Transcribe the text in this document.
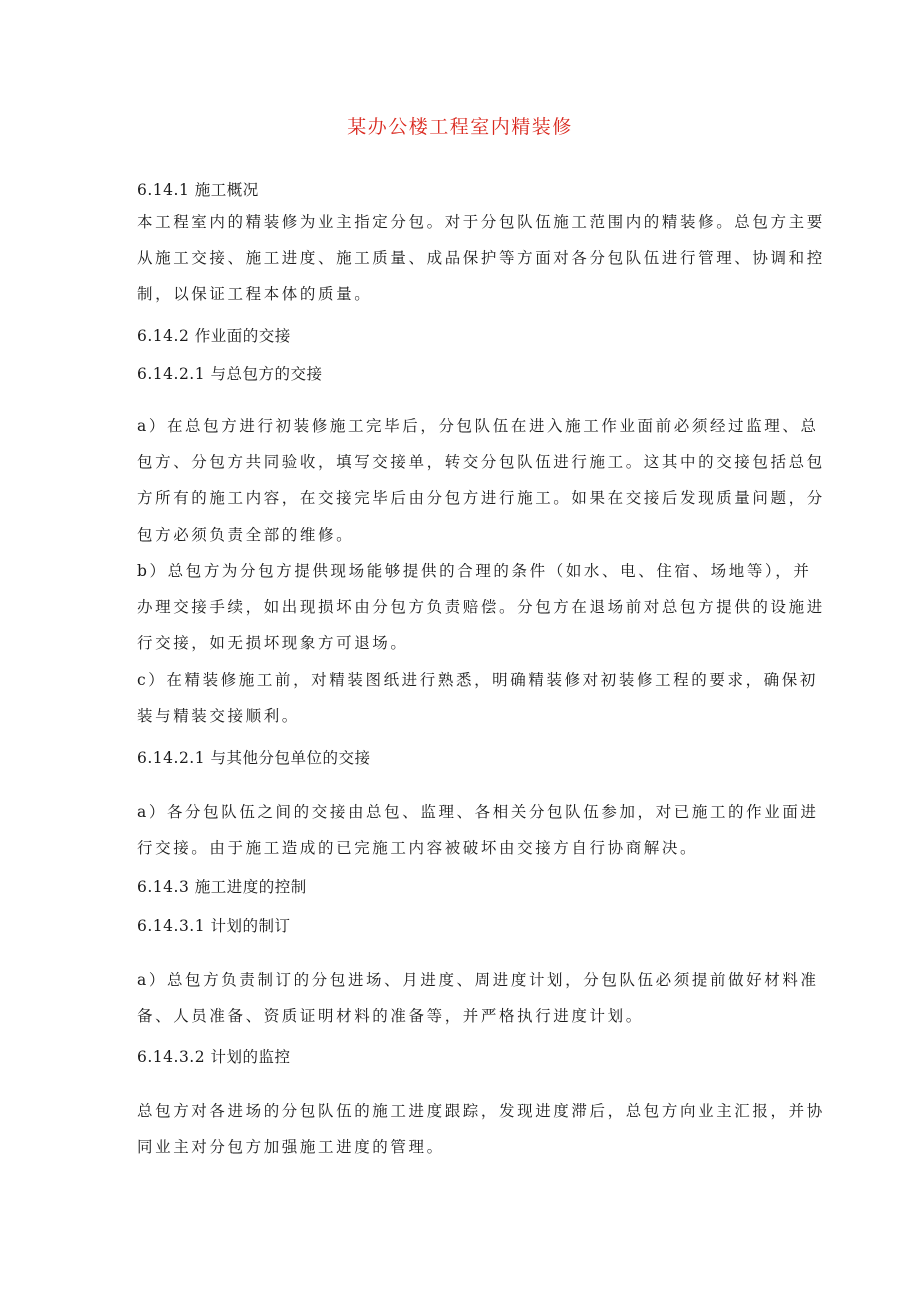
某办公楼工程室内精装修
6.14.1 施工概况
本工程室内的精装修为业主指定分包。对于分包队伍施工范围内的精装修。总包方主要
从施工交接、施工进度、施工质量、成品保护等方面对各分包队伍进行管理、协调和控
制，以保证工程本体的质量。
6.14.2 作业面的交接
6.14.2.1 与总包方的交接
a）在总包方进行初装修施工完毕后，分包队伍在进入施工作业面前必须经过监理、总
包方、分包方共同验收，填写交接单，转交分包队伍进行施工。这其中的交接包括总包
方所有的施工内容，在交接完毕后由分包方进行施工。如果在交接后发现质量问题，分
包方必须负责全部的维修。
b）总包方为分包方提供现场能够提供的合理的条件（如水、电、住宿、场地等），并
办理交接手续，如出现损坏由分包方负责赔偿。分包方在退场前对总包方提供的设施进
行交接，如无损坏现象方可退场。
c）在精装修施工前，对精装图纸进行熟悉，明确精装修对初装修工程的要求，确保初
装与精装交接顺利。
6.14.2.1 与其他分包单位的交接
a）各分包队伍之间的交接由总包、监理、各相关分包队伍参加，对已施工的作业面进
行交接。由于施工造成的已完施工内容被破坏由交接方自行协商解决。
6.14.3 施工进度的控制
6.14.3.1 计划的制订
a）总包方负责制订的分包进场、月进度、周进度计划，分包队伍必须提前做好材料准
备、人员准备、资质证明材料的准备等，并严格执行进度计划。
6.14.3.2 计划的监控
总包方对各进场的分包队伍的施工进度跟踪，发现进度滞后，总包方向业主汇报，并协
同业主对分包方加强施工进度的管理。
